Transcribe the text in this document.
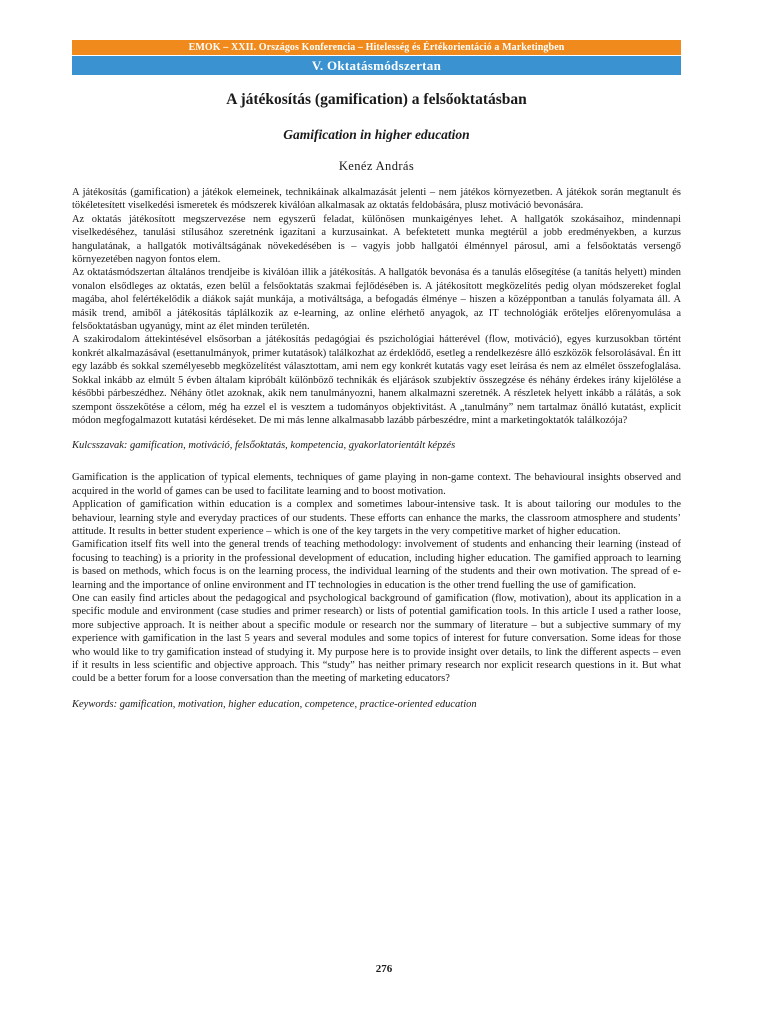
EMOK – XXII. Országos Konferencia – Hitelesség és Értékorientáció a Marketingben
V. Oktatásmódszertan
A játékosítás (gamification) a felsőoktatásban
Gamification in higher education
Kenéz András

A játékosítás (gamification) a játékok elemeinek, technikáinak alkalmazását jelenti – nem játékos környezetben. A játékok során megtanult és tökéletesített viselkedési ismeretek és módszerek kiválóan alkalmasak az oktatás feldobására, plusz motiváció bevonására.

Az oktatás játékosított megszervezése nem egyszerű feladat, különösen munkaigényes lehet. A hallgatók szokásaihoz, mindennapi viselkedéséhez, tanulási stílusához szeretnénk igazítani a kurzusainkat. A befektetett munka megtérül a jobb eredményekben, a kurzus hangulatának, a hallgatók motiváltságának növekedésében is – vagyis jobb hallgatói élménnyel párosul, ami a felsőoktatás versengő környezetében nagyon fontos elem.

Az oktatásmódszertan általános trendjeibe is kiválóan illik a játékosítás. A hallgatók bevonása és a tanulás elősegítése (a tanítás helyett) minden vonalon elsődleges az oktatás, ezen belül a felsőoktatás szakmai fejlődésében is. A játékosított megközelítés pedig olyan módszereket foglal magába, ahol felértékelődik a diákok saját munkája, a motiváltsága, a befogadás élménye – hiszen a középpontban a tanulás folyamata áll. A másik trend, amiből a játékosítás táplálkozik az e-learning, az online elérhető anyagok, az IT technológiák erőteljes előrenyomulása a felsőoktatásban ugyanúgy, mint az élet minden területén.

A szakirodalom áttekintésével elsősorban a játékosítás pedagógiai és pszichológiai hátterével (flow, motiváció), egyes kurzusokban történt konkrét alkalmazásával (esettanulmányok, primer kutatások) találkozhat az érdeklődő, esetleg a rendelkezésre álló eszközök felsorolásával. Én itt egy lazább és sokkal személyesebb megközelítést választottam, ami nem egy konkrét kutatás vagy eset leírása és nem az elmélet összefoglalása. Sokkal inkább az elmúlt 5 évben általam kipróbált különböző technikák és eljárások szubjektív összegzése és néhány érdekes irány kijelölése a későbbi párbeszédhez. Néhány ötlet azoknak, akik nem tanulmányozni, hanem alkalmazni szeretnék. A részletek helyett inkább a rálátás, a sok szempont összekötése a célom, még ha ezzel el is vesztem a tudományos objektivitást. A „tanulmány” nem tartalmaz önálló kutatást, explicit módon megfogalmazott kutatási kérdéseket. De mi más lenne alkalmasabb lazább párbeszédre, mint a marketingoktatók találkozója?

Kulcsszavak: gamification, motiváció, felsőoktatás, kompetencia, gyakorlatorientált képzés

Gamification is the application of typical elements, techniques of game playing in non-game context. The behavioural insights observed and acquired in the world of games can be used to facilitate learning and to boost motivation.

Application of gamification within education is a complex and sometimes labour-intensive task. It is about tailoring our modules to the behaviour, learning style and everyday practices of our students. These efforts can enhance the marks, the classroom atmosphere and students’ attitude. It results in better student experience – which is one of the key targets in the very competitive market of higher education.

Gamification itself fits well into the general trends of teaching methodology: involvement of students and enhancing their learning (instead of focusing to teaching) is a priority in the professional development of education, including higher education. The gamified approach to learning is based on methods, which focus is on the learning process, the individual learning of the students and their own motivation. The spread of e-learning and the importance of online environment and IT technologies in education is the other trend fuelling the use of gamification.

One can easily find articles about the pedagogical and psychological background of gamification (flow, motivation), about its application in a specific module and environment (case studies and primer research) or lists of potential gamification tools. In this article I used a rather loose, more subjective approach. It is neither about a specific module or research nor the summary of literature – but a subjective summary of my experience with gamification in the last 5 years and several modules and some topics of interest for future conversation. Some ideas for those who would like to try gamification instead of studying it. My purpose here is to provide insight over details, to link the different aspects – even if it results in less scientific and objective approach. This “study” has neither primary research nor explicit research questions in it. But what could be a better forum for a loose conversation than the meeting of marketing educators?

Keywords: gamification, motivation, higher education, competence, practice-oriented education
276
